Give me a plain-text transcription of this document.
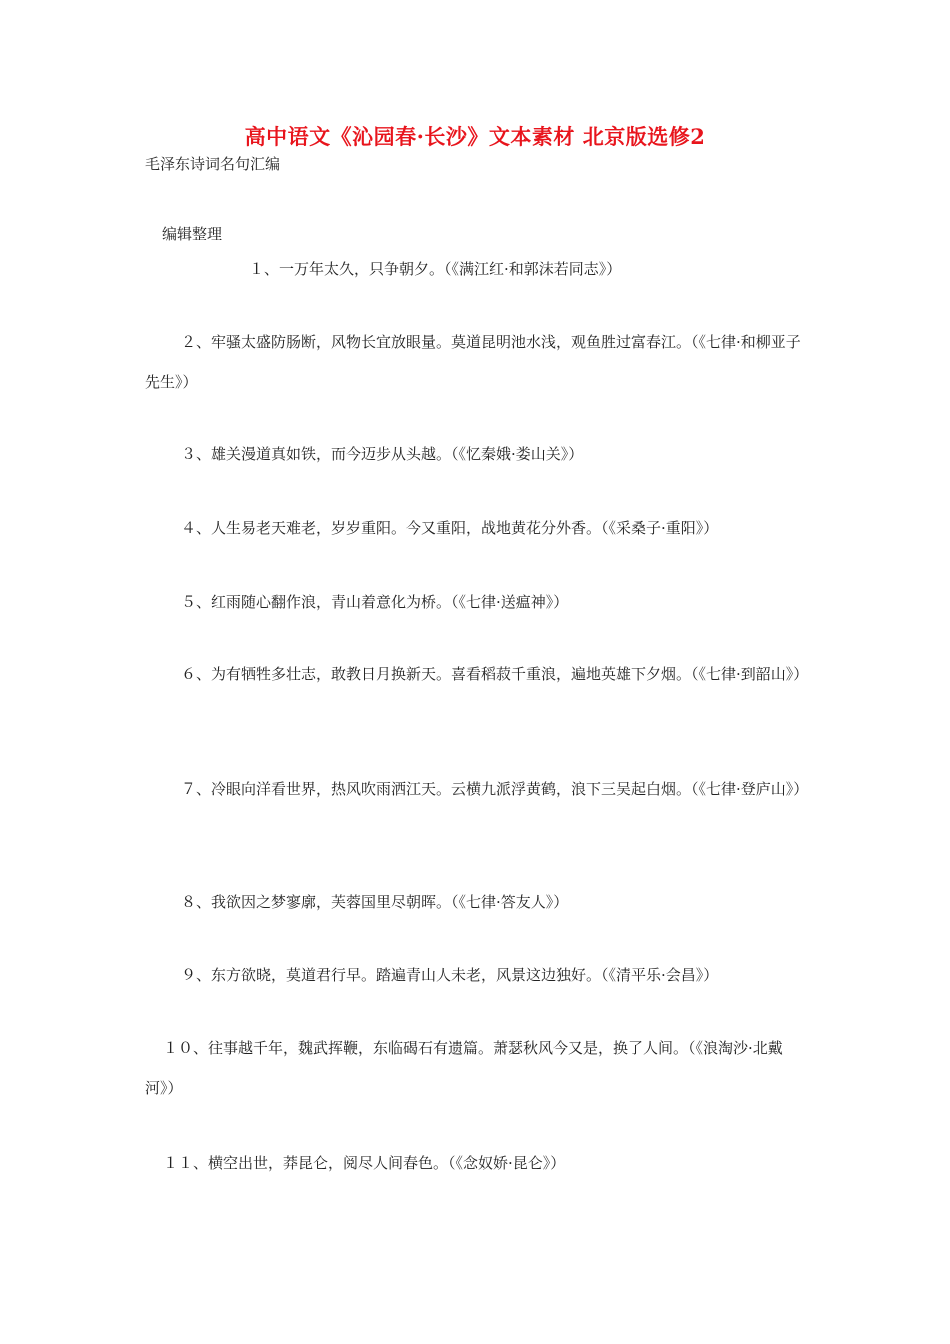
高中语文《沁园春·长沙》文本素材 北京版选修2
毛泽东诗词名句汇编
编辑整理
１、一万年太久，只争朝夕。（《满江红·和郭沫若同志》）
２、牢骚太盛防肠断，风物长宜放眼量。莫道昆明池水浅，观鱼胜过富春江。（《七律·和柳亚子先生》）
３、雄关漫道真如铁，而今迈步从头越。（《忆秦娥·娄山关》）
４、人生易老天难老，岁岁重阳。今又重阳，战地黄花分外香。（《采桑子·重阳》）
５、红雨随心翻作浪，青山着意化为桥。（《七律·送瘟神》）
６、为有牺牲多壮志，敢教日月换新天。喜看稻菽千重浪，遍地英雄下夕烟。（《七律·到韶山》）
７、冷眼向洋看世界，热风吹雨洒江天。云横九派浮黄鹤，浪下三吴起白烟。（《七律·登庐山》）
８、我欲因之梦寥廓，芙蓉国里尽朝晖。（《七律·答友人》）
９、东方欲晓，莫道君行早。踏遍青山人未老，风景这边独好。（《清平乐·会昌》）
１０、往事越千年，魏武挥鞭，东临碣石有遗篇。萧瑟秋风今又是，换了人间。（《浪淘沙·北戴河》）
１１、横空出世，莽昆仑，阅尽人间春色。（《念奴娇·昆仑》）
